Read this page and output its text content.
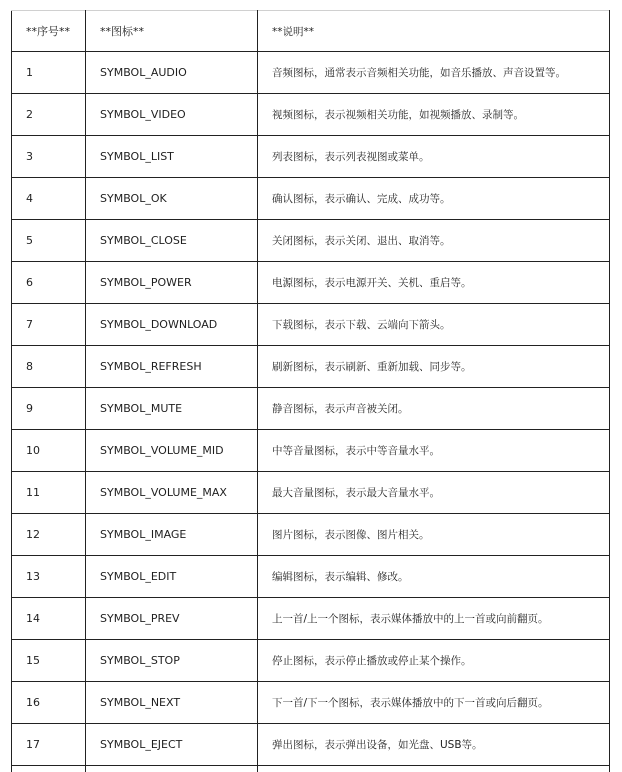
**序号**	**图标**	**说明**
1	SYMBOL_AUDIO	音频图标，通常表示音频相关功能，如音乐播放、声音设置等。
2	SYMBOL_VIDEO	视频图标，表示视频相关功能，如视频播放、录制等。
3	SYMBOL_LIST	列表图标，表示列表视图或菜单。
4	SYMBOL_OK	确认图标，表示确认、完成、成功等。
5	SYMBOL_CLOSE	关闭图标，表示关闭、退出、取消等。
6	SYMBOL_POWER	电源图标，表示电源开关、关机、重启等。
7	SYMBOL_DOWNLOAD	下载图标，表示下载、云端向下箭头。
8	SYMBOL_REFRESH	刷新图标，表示刷新、重新加载、同步等。
9	SYMBOL_MUTE	静音图标，表示声音被关闭。
10	SYMBOL_VOLUME_MID	中等音量图标，表示中等音量水平。
11	SYMBOL_VOLUME_MAX	最大音量图标，表示最大音量水平。
12	SYMBOL_IMAGE	图片图标，表示图像、图片相关。
13	SYMBOL_EDIT	编辑图标，表示编辑、修改。
14	SYMBOL_PREV	上一首/上一个图标，表示媒体播放中的上一首或向前翻页。
15	SYMBOL_STOP	停止图标，表示停止播放或停止某个操作。
16	SYMBOL_NEXT	下一首/下一个图标，表示媒体播放中的下一首或向后翻页。
17	SYMBOL_EJECT	弹出图标，表示弹出设备，如光盘、USB等。
